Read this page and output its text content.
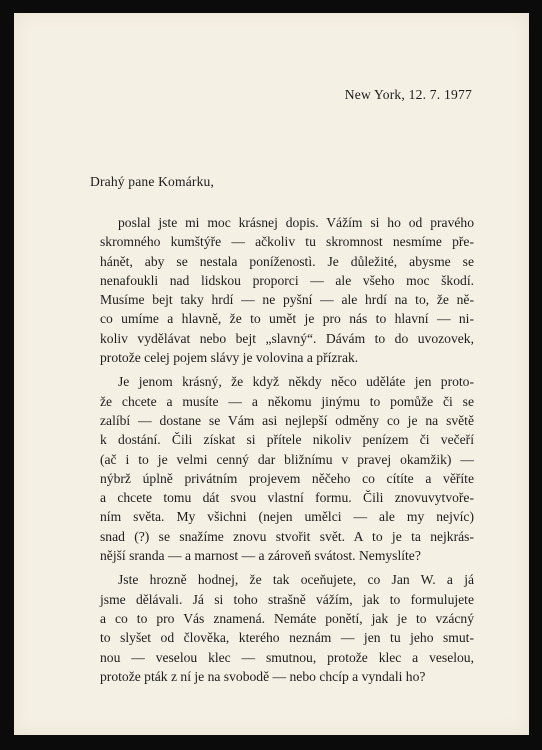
New York, 12. 7. 1977
Drahý pane Komárku,
poslal jste mi moc krásnej dopis. Vážím si ho od pravého
skromného kumštýře — ačkoliv tu skromnost nesmíme pře-
hánět, aby se nestala poníženostì. Je důležité, abysme se
nenafoukli nad lidskou proporci — ale všeho moc škodí.
Musíme bejt taky hrdí — ne pyšní — ale hrdí na to, že ně-
co umíme a hlavně, že to umět je pro nás to hlavní — ni-
koliv vydělávat nebo bejt „slavný“. Dávám to do uvozovek,
protože celej pojem slávy je volovina a přízrak.
Je jenom krásný, že když někdy něco uděláte jen proto-
že chcete a musíte — a někomu jinýmu to pomůže či se
zalíbí — dostane se Vám asi nejlepší odměny co je na světě
k dostání. Čili získat si přítele nikoliv penízem či večeří
(ač i to je velmi cenný dar bližnímu v pravej okamžik) —
nýbrž úplně privátním projevem něčeho co cítíte a věříte
a chcete tomu dát svou vlastní formu. Čili znovuvytvoře-
ním světa. My všichni (nejen umělci — ale my nejvíc)
snad (?) se snažíme znovu stvořit svět. A to je ta nejkrás-
nější sranda — a marnost — a zároveň svátost. Nemyslíte?
Jste hrozně hodnej, že tak oceňujete, co Jan W. a já
jsme dělávali. Já si toho strašně vážím, jak to formulujete
a co to pro Vás znamená. Nemáte ponětí, jak je to vzácný
to slyšet od člověka, kterého neznám — jen tu jeho smut-
nou — veselou klec — smutnou, protože klec a veselou,
protože pták z ní je na svobodě — nebo chcíp a vyndali ho?
